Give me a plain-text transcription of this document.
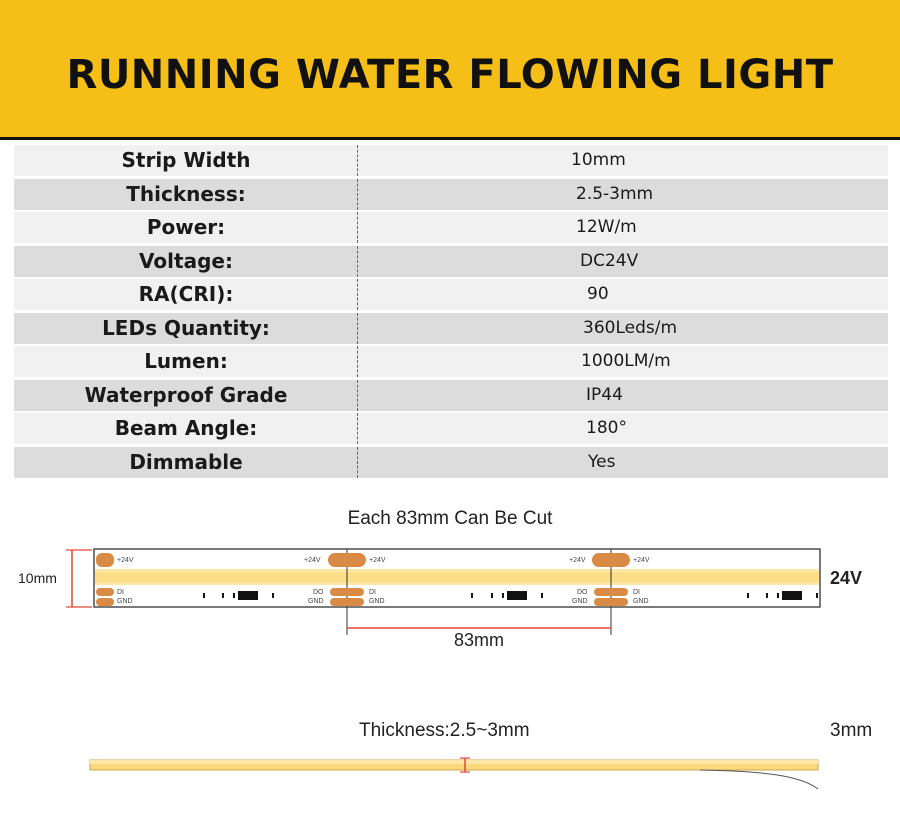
RUNNING WATER FLOWING LIGHT
Strip Width	10mm
Thickness:	2.5-3mm
Power:	12W/m
Voltage:	DC24V
RA(CRI):	90
LEDs Quantity:	360Leds/m
Lumen:	1000LM/m
Waterproof Grade	IP44
Beam Angle:	180°
Dimmable	Yes
Each 83mm Can Be Cut
10mm
+24V	+24V	+24V	+24V	+24V
DI
GND
DO
GND
DI
GND
DO
GND
DI
GND
83mm
24V
Thickness:2.5~3mm	3mm
